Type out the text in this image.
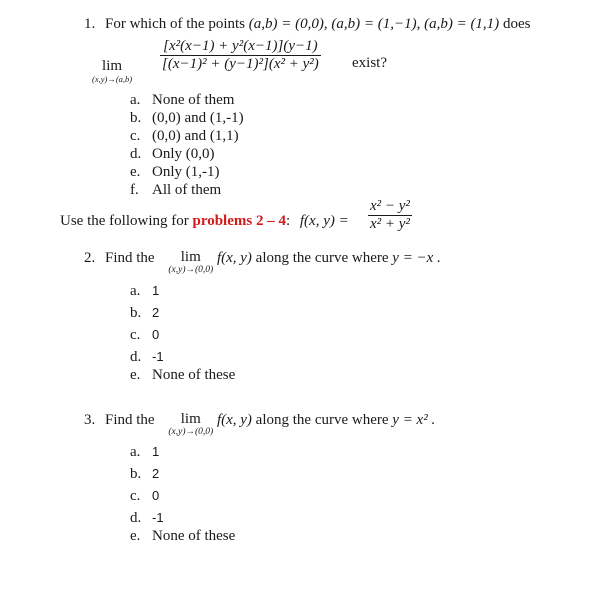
1. For which of the points (a,b) = (0,0), (a,b) = (1,−1), (a,b) = (1,1) does
lim
(x,y)→(a,b)
$\frac{\text{[x²(x−1) + y²(x−1)](y−1)}}{\text{[(x−1)² + (y−1)²](x² + y²)}}$ exist?
a. None of them
b. (0,0) and (1,-1)
c. (0,0) and (1,1)
d. Only (0,0)
e. Only (1,-1)
f. All of them
Use the following for problems 2 – 4: f(x, $y) = \frac{\text{x² − y²}}{\text{x² + y²}}$
2. Find the	lim
(x,y)→(0,0)
f(x, y) along the curve where y = −x .
a. 1
b. 2
c. 0
d. -1
e. None of these
3. Find the	lim
(x,y)→(0,0)
f(x, y) along the curve where y = x² .
a. 1
b. 2
c. 0
d. -1
e. None of these
